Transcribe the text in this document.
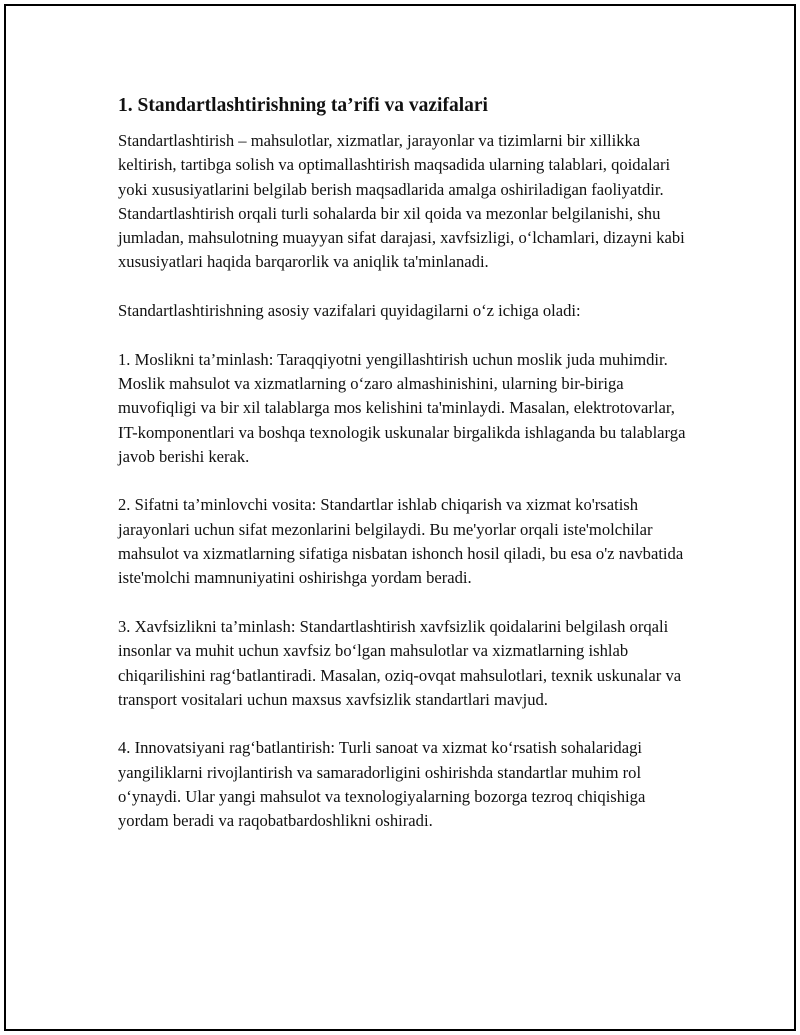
1. Standartlashtirishning ta’rifi va vazifalari

Standartlashtirish – mahsulotlar, xizmatlar, jarayonlar va tizimlarni bir xillikka keltirish, tartibga solish va optimallashtirish maqsadida ularning talablari, qoidalari yoki xususiyatlarini belgilab berish maqsadlarida amalga oshiriladigan faoliyatdir. Standartlashtirish orqali turli sohalarda bir xil qoida va mezonlar belgilanishi, shu jumladan, mahsulotning muayyan sifat darajasi, xavfsizligi, o‘lchamlari, dizayni kabi xususiyatlari haqida barqarorlik va aniqlik ta'minlanadi.

Standartlashtirishning asosiy vazifalari quyidagilarni o‘z ichiga oladi:

1. Moslikni ta’minlash: Taraqqiyotni yengillashtirish uchun moslik juda muhimdir. Moslik mahsulot va xizmatlarning o‘zaro almashinishini, ularning bir-biriga muvofiqligi va bir xil talablarga mos kelishini ta'minlaydi. Masalan, elektrotovarlar, IT-komponentlari va boshqa texnologik uskunalar birgalikda ishlaganda bu talablarga javob berishi kerak.

2. Sifatni ta’minlovchi vosita: Standartlar ishlab chiqarish va xizmat ko'rsatish jarayonlari uchun sifat mezonlarini belgilaydi. Bu me'yorlar orqali iste'molchilar mahsulot va xizmatlarning sifatiga nisbatan ishonch hosil qiladi, bu esa o'z navbatida iste'molchi mamnuniyatini oshirishga yordam beradi.

3. Xavfsizlikni ta’minlash: Standartlashtirish xavfsizlik qoidalarini belgilash orqali insonlar va muhit uchun xavfsiz bo‘lgan mahsulotlar va xizmatlarning ishlab chiqarilishini rag‘batlantiradi. Masalan, oziq-ovqat mahsulotlari, texnik uskunalar va transport vositalari uchun maxsus xavfsizlik standartlari mavjud.

4. Innovatsiyani rag‘batlantirish: Turli sanoat va xizmat ko‘rsatish sohalaridagi yangiliklarni rivojlantirish va samaradorligini oshirishda standartlar muhim rol o‘ynaydi. Ular yangi mahsulot va texnologiyalarning bozorga tezroq chiqishiga yordam beradi va raqobatbardoshlikni oshiradi.
